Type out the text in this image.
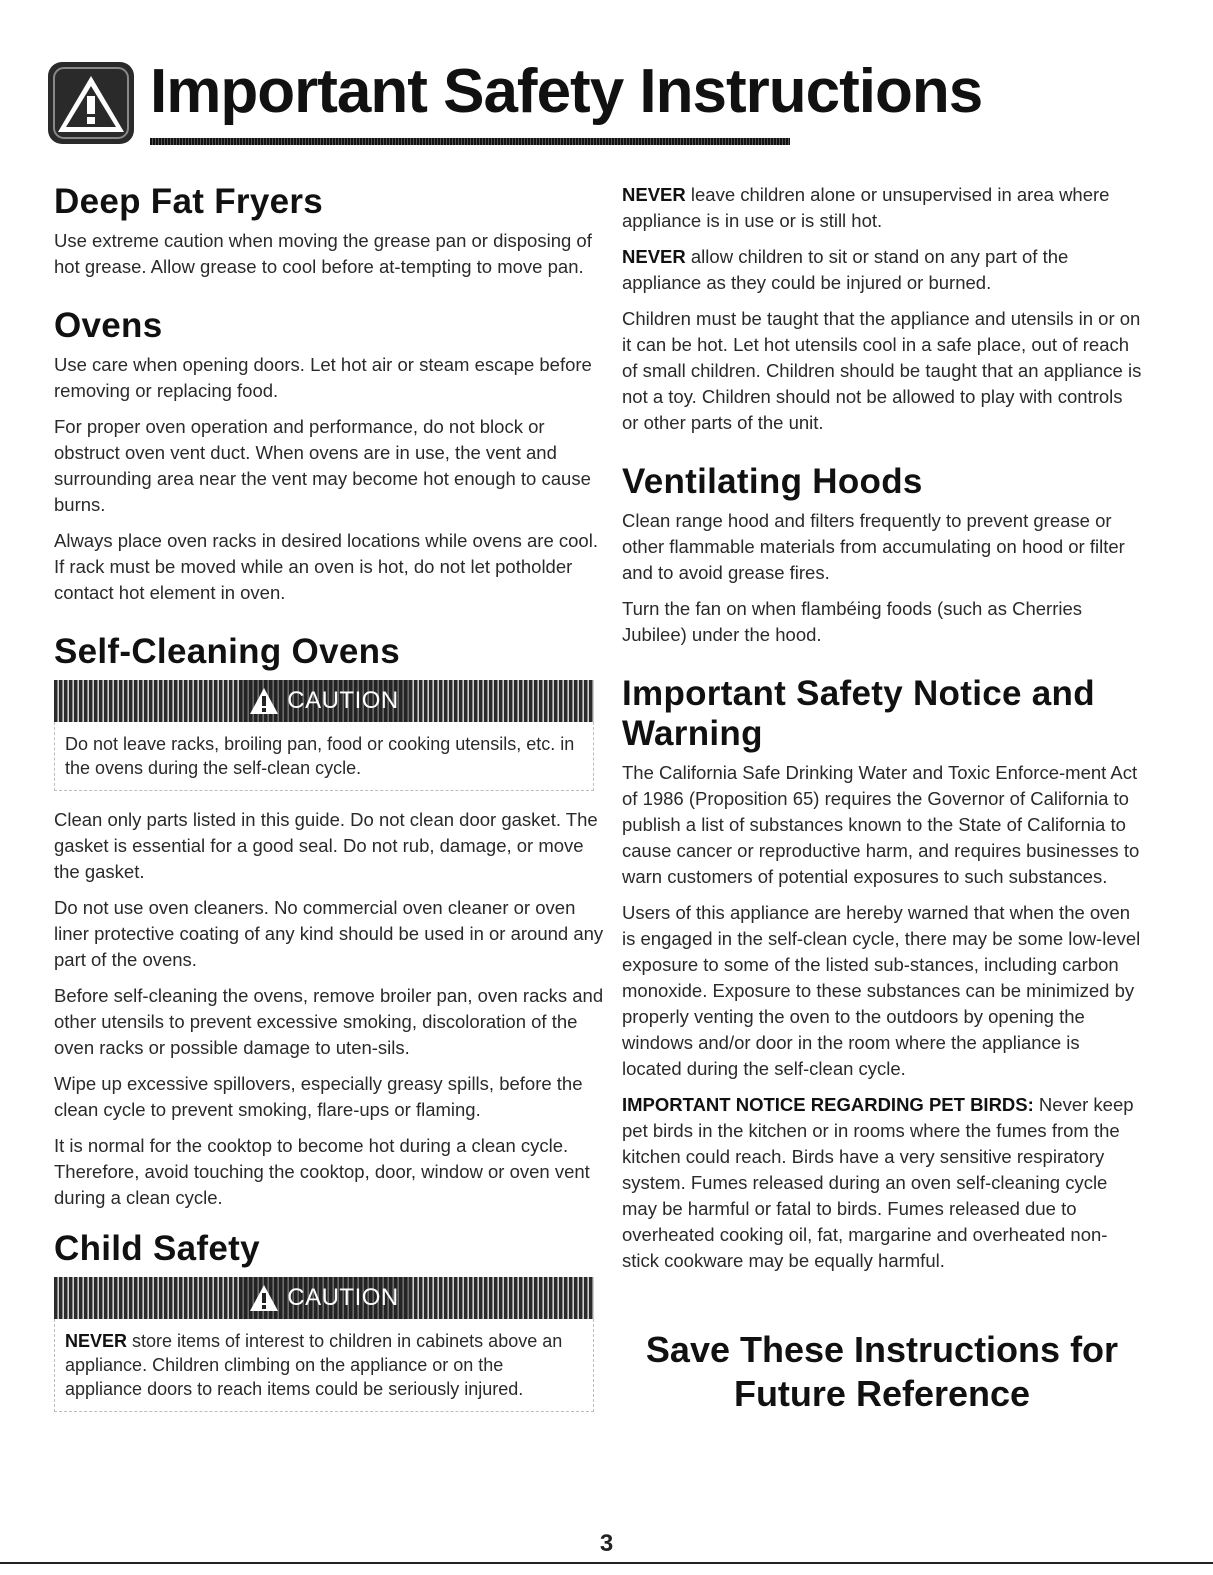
Important Safety Instructions
Deep Fat Fryers

Use extreme caution when moving the grease pan or disposing of hot grease. Allow grease to cool before at-tempting to move pan.

Ovens

Use care when opening doors. Let hot air or steam escape before removing or replacing food.

For proper oven operation and performance, do not block or obstruct oven vent duct. When ovens are in use, the vent and surrounding area near the vent may become hot enough to cause burns.

Always place oven racks in desired locations while ovens are cool. If rack must be moved while an oven is hot, do not let potholder contact hot element in oven.

Self-Cleaning Ovens
CAUTION
Do not leave racks, broiling pan, food or cooking utensils, etc. in the ovens during the self-clean cycle.

Clean only parts listed in this guide. Do not clean door gasket. The gasket is essential for a good seal. Do not rub, damage, or move the gasket.

Do not use oven cleaners. No commercial oven cleaner or oven liner protective coating of any kind should be used in or around any part of the ovens.

Before self-cleaning the ovens, remove broiler pan, oven racks and other utensils to prevent excessive smoking, discoloration of the oven racks or possible damage to uten-sils.

Wipe up excessive spillovers, especially greasy spills, before the clean cycle to prevent smoking, flare-ups or flaming.

It is normal for the cooktop to become hot during a clean cycle. Therefore, avoid touching the cooktop, door, window or oven vent during a clean cycle.

Child Safety
CAUTION
NEVER store items of interest to children in cabinets above an appliance. Children climbing on the appliance or on the appliance doors to reach items could be seriously injured.

NEVER leave children alone or unsupervised in area where appliance is in use or is still hot.

NEVER allow children to sit or stand on any part of the appliance as they could be injured or burned.

Children must be taught that the appliance and utensils in or on it can be hot. Let hot utensils cool in a safe place, out of reach of small children. Children should be taught that an appliance is not a toy. Children should not be allowed to play with controls or other parts of the unit.

Ventilating Hoods

Clean range hood and filters frequently to prevent grease or other flammable materials from accumulating on hood or filter and to avoid grease fires.

Turn the fan on when flambéing foods (such as Cherries Jubilee) under the hood.

Important Safety Notice and Warning

The California Safe Drinking Water and Toxic Enforce-ment Act of 1986 (Proposition 65) requires the Governor of California to publish a list of substances known to the State of California to cause cancer or reproductive harm, and requires businesses to warn customers of potential exposures to such substances.

Users of this appliance are hereby warned that when the oven is engaged in the self-clean cycle, there may be some low-level exposure to some of the listed sub-stances, including carbon monoxide. Exposure to these substances can be minimized by properly venting the oven to the outdoors by opening the windows and/or door in the room where the appliance is located during the self-clean cycle.

IMPORTANT NOTICE REGARDING PET BIRDS: Never keep pet birds in the kitchen or in rooms where the fumes from the kitchen could reach. Birds have a very sensitive respiratory system. Fumes released during an oven self-cleaning cycle may be harmful or fatal to birds. Fumes released due to overheated cooking oil, fat, margarine and overheated non-stick cookware may be equally harmful.

Save These Instructions for
Future Reference
3
